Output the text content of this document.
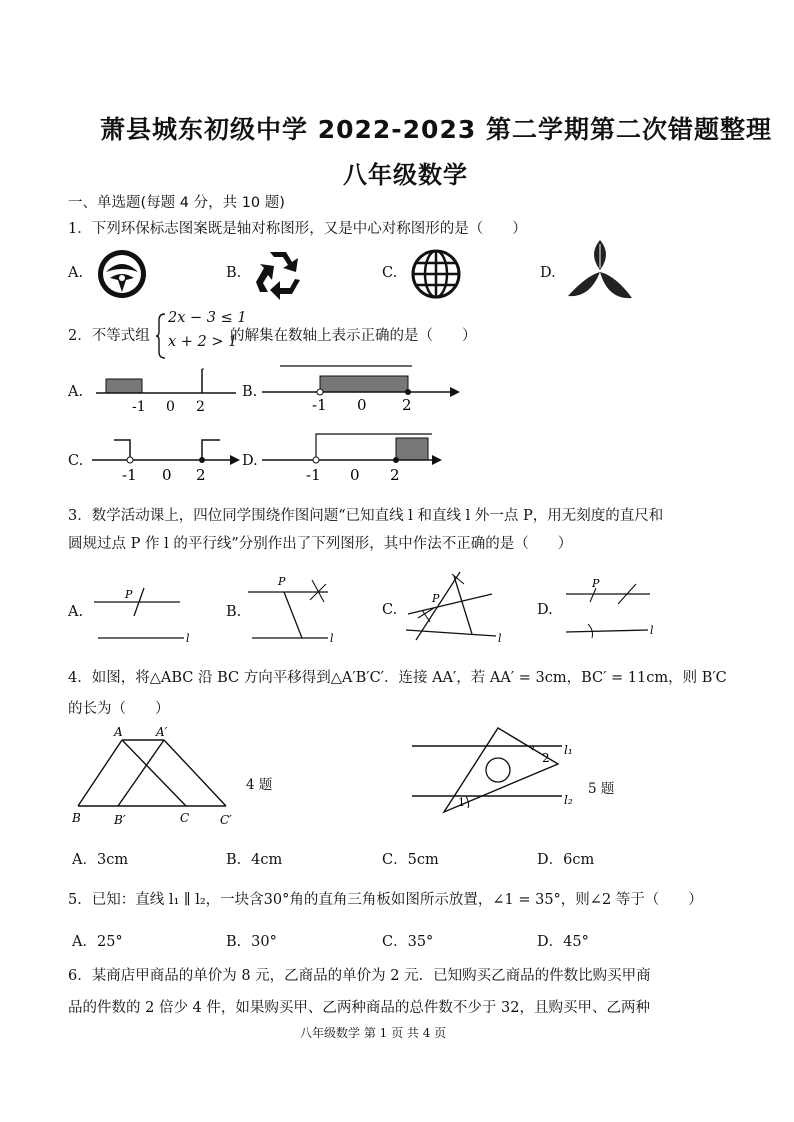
萧县城东初级中学 2022-2023 第二学期第二次错题整理
八年级数学
一、单选题(每题 4 分，共 10 题)
1．下列环保标志图案既是轴对称图形，又是中心对称图形的是（　　）
A.	B.	C.	D.
2．不等式组
2x − 3 ≤ 1
x + 2 > 1
的解集在数轴上表示正确的是（　　）
A.	B.
C.	D.
-1 0 2	-1 0 2
-1 0 2	-1 0 2
3．数学活动课上，四位同学围绕作图问题“已知直线 l 和直线 l 外一点 P，用无刻度的直尺和
圆规过点 P 作 l 的平行线”分别作出了下列图形，其中作法不正确的是（　　）
A.	B.	C.	D.
P
l
P
l
P
l
P
l
4．如图，将△ABC 沿 BC 方向平移得到△A′B′C′．连接 AA′，若 AA′ = 3cm，BC′ = 11cm，则 B′C
的长为（　　）
A	A′
B	B′	C	C′
4 题
1
2
l₁
l₂
5 题
A．3cm	B．4cm	C．5cm	D．6cm
5．已知：直线 l₁ ∥ l₂，一块含30°角的直角三角板如图所示放置，∠1 = 35°，则∠2 等于（　　）
A．25°	B．30°	C．35°	D．45°
6．某商店甲商品的单价为 8 元，乙商品的单价为 2 元．已知购买乙商品的件数比购买甲商
品的件数的 2 倍少 4 件，如果购买甲、乙两种商品的总件数不少于 32，且购买甲、乙两种
八年级数学 第 1 页 共 4 页
